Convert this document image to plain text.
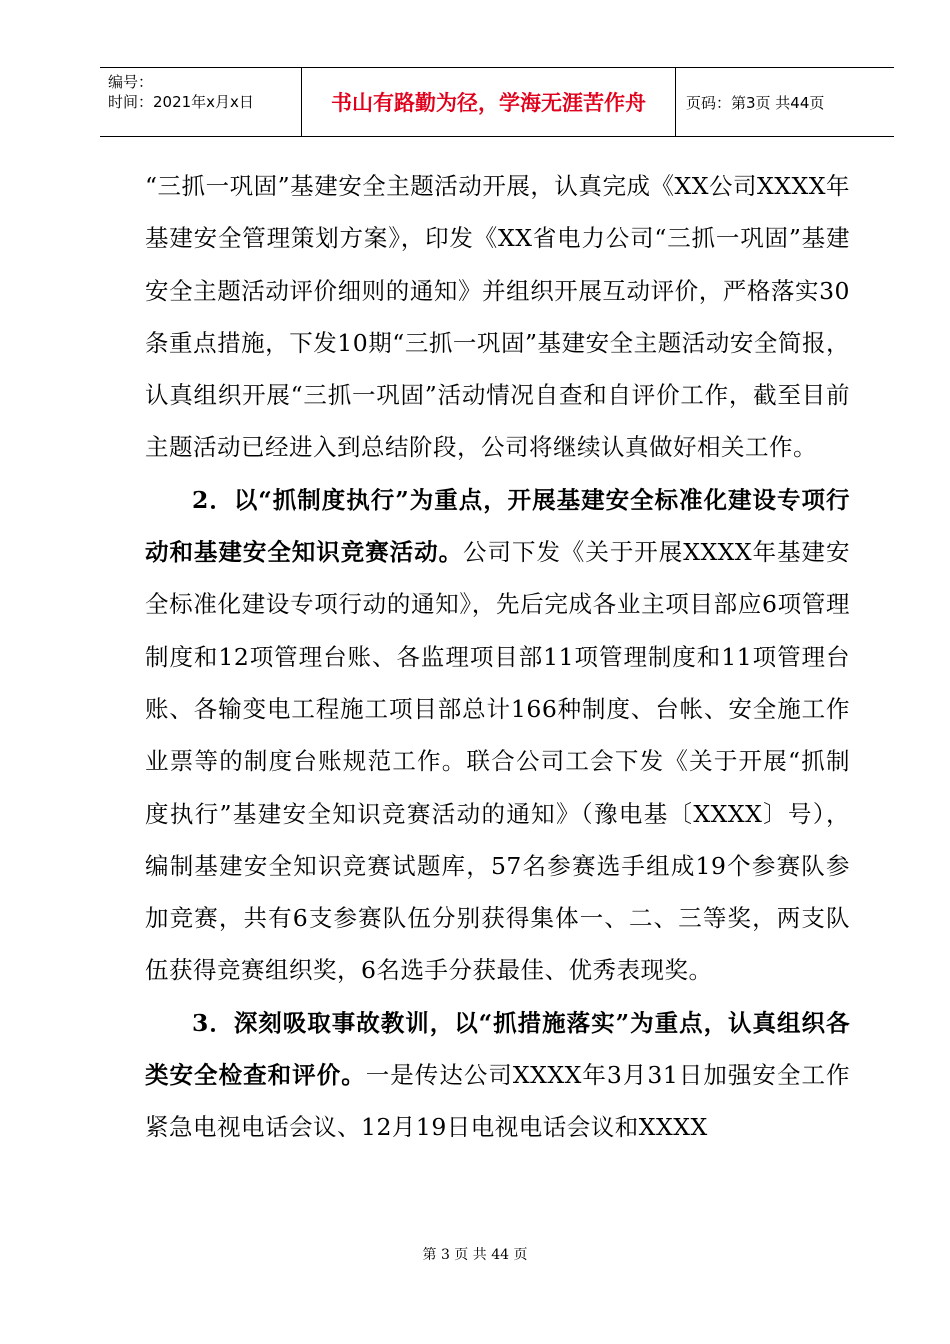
编号：
时间：2021年x月x日	书山有路勤为径，学海无涯苦作舟	页码：第3页 共44页

“三抓一巩固”基建安全主题活动开展，认真完成《XX公司XXXX年基建安全管理策划方案》，印发《XX省电力公司“三抓一巩固”基建安全主题活动评价细则的通知》并组织开展互动评价，严格落实30条重点措施，下发10期“三抓一巩固”基建安全主题活动安全简报，认真组织开展“三抓一巩固”活动情况自查和自评价工作，截至目前主题活动已经进入到总结阶段，公司将继续认真做好相关工作。

2．以“抓制度执行”为重点，开展基建安全标准化建设专项行动和基建安全知识竞赛活动。公司下发《关于开展XXXX年基建安全标准化建设专项行动的通知》，先后完成各业主项目部应6项管理制度和12项管理台账、各监理项目部11项管理制度和11项管理台账、各输变电工程施工项目部总计166种制度、台帐、安全施工作业票等的制度台账规范工作。联合公司工会下发《关于开展“抓制度执行”基建安全知识竞赛活动的通知》（豫电基〔XXXX〕号），编制基建安全知识竞赛试题库，57名参赛选手组成19个参赛队参加竞赛，共有6支参赛队伍分别获得集体一、二、三等奖，两支队伍获得竞赛组织奖，6名选手分获最佳、优秀表现奖。

3．深刻吸取事故教训，以“抓措施落实”为重点，认真组织各类安全检查和评价。一是传达公司XXXX年3月31日加强安全工作紧急电视电话会议、12月19日电视电话会议和XXXX

第 3 页 共 44 页
